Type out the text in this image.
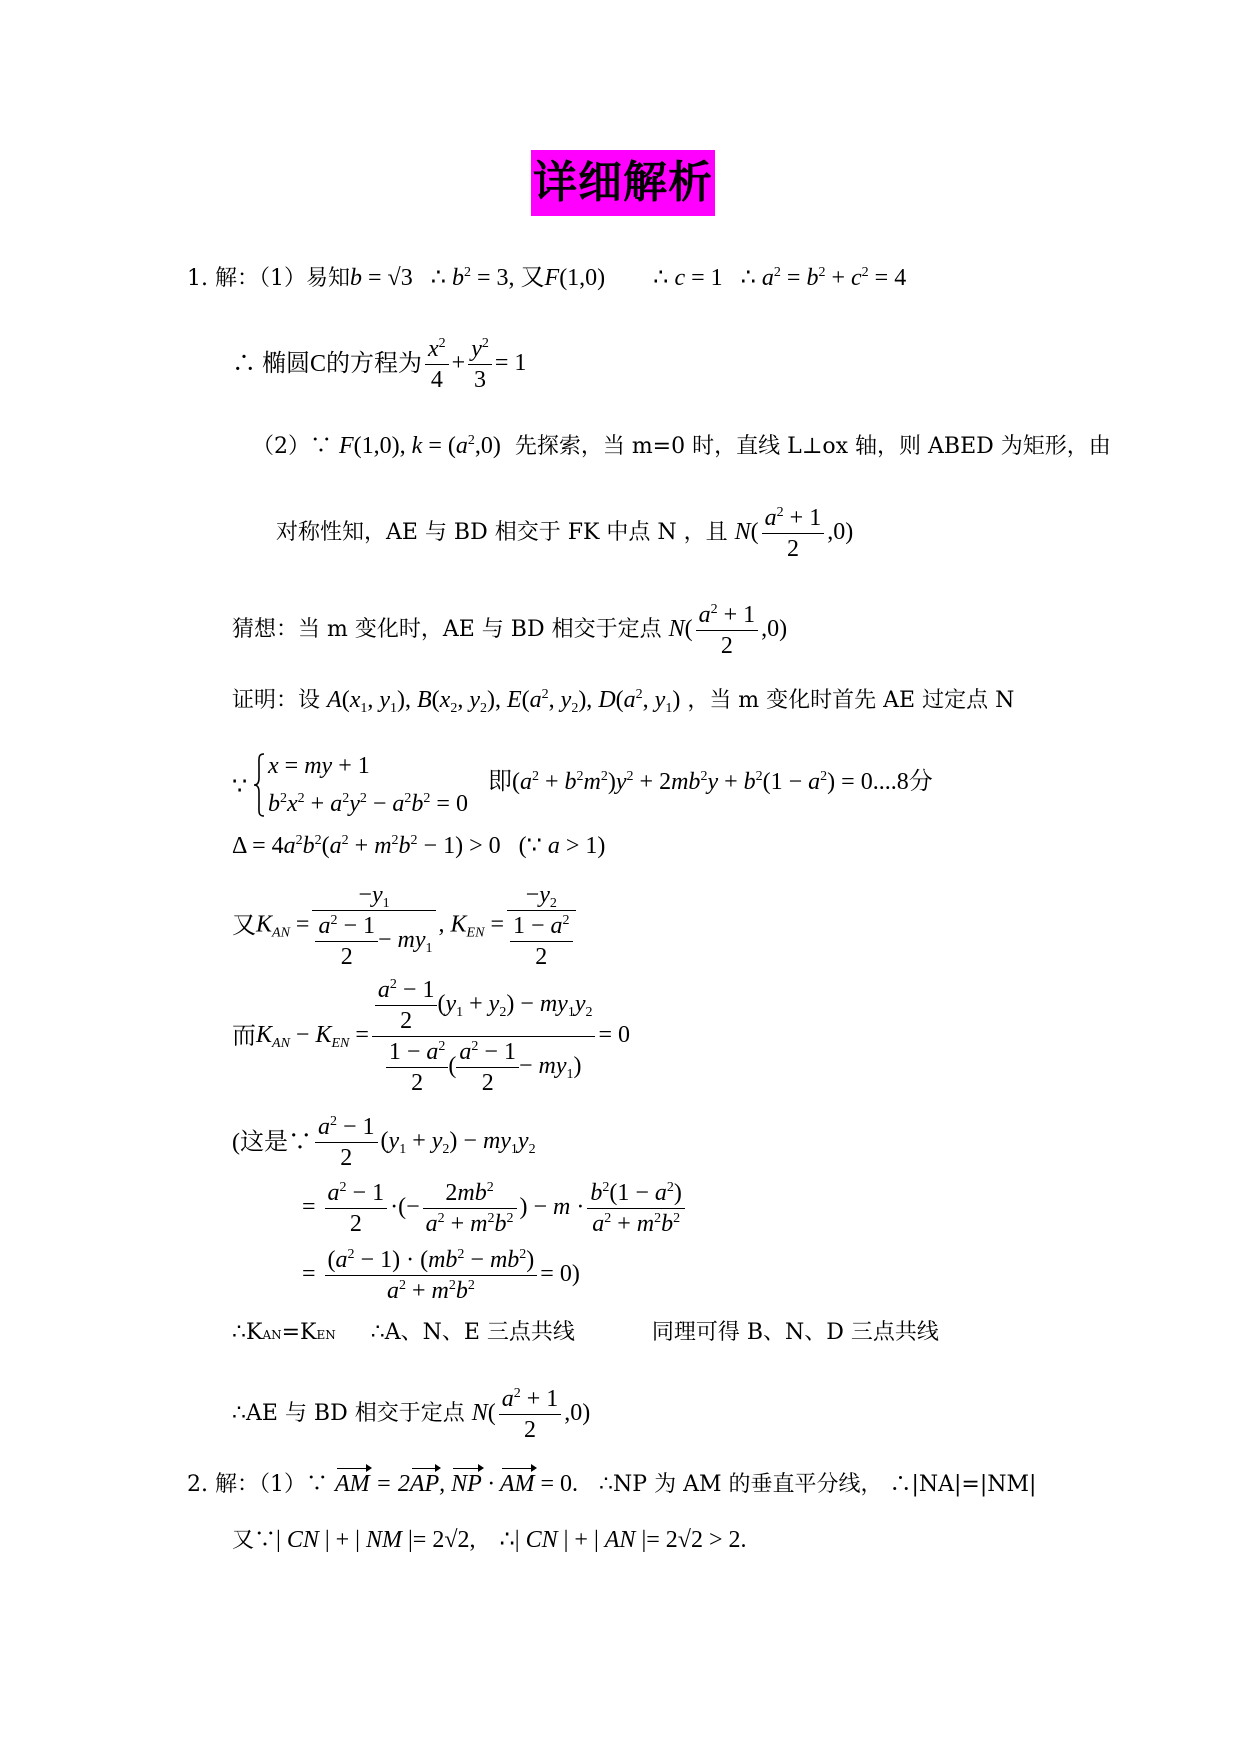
详细解析
1. 解：（1）易知b = √3   ∴ $b^2 = 3$, 又F(1,0)        ∴ c = 1   ∴ $a^2 = b^2 + c^2 = 4$
∴ 椭圆C的方程为 $\frac{x^2}{4} + \frac{y^2}{3} = 1$
（2）∵ F(1,0), $k = (a^2,0)$  先探索，当 m=0 时，直线 L⊥ox 轴，则 ABED 为矩形，由
对称性知，AE 与 BD 相交于 FK 中点 N ，且 $N( \frac{a^2 + 1}{2} ,0)$
猜想：当 m 变化时，AE 与 BD 相交于定点 $N( \frac{a^2 + 1}{2} ,0)$
证明：设 $A(x_1$, $y_1$), $B(x_2$, $y_2$), $E(a^2$, $y_2$), $D(a^2$, $y_1$) ，当 m 变化时首先 AE 过定点 N
∵
x = my + 1
$b^2x^2 + a^2y^2 - a^2b^2 = 0$
即$(a^2 + b^2m^2)y^2 + 2mb^2y + b^2(1 - a^2) = 0....8$分
$\Delta = 4a^2b^2(a^2 + m^2b^2 - 1) > 0$   (∵ a > 1)
又$K_{AN} = \frac{-y_1}{\frac{a^2 - 1}{2} - my_1}$ , $K_{EN} = \frac{-y_2}{\frac{1 - a^2}{2}}$
而$K_{AN} - K_{EN} = \frac{\frac{a^2 - 1}{2} (y_1 + y_2) - my_1y_2}{\frac{1 - a^2}{2} ( \frac{a^2 - 1}{2} - my_1)} = 0$
(这是∵ $\frac{a^2 - 1}{2} (y_1 + y_2) - my_1y_2$
= $\frac{a^2 - 1}{2}$ ·(− $\frac{2mb^2}{a^2 + m^2b^2}$ ) − $m \cdot \frac{b^2(1 - a^2)}{a^2 + m^2b^2}$
= $\frac{(a^2 - 1) \cdot (mb^2 - mb^2)}{a^2 + m^2b^2} = 0$)
∴KAN=KEN     ∴A、N、E 三点共线           同理可得 B、N、D 三点共线
∴AE 与 BD 相交于定点 $N( \frac{a^2 + 1}{2} ,0)$
2. 解：（1）∵ AM = 2AP, NP · AM = 0. ∴NP 为 AM 的垂直平分线， ∴|NA|=|NM|
又∵| CN | + | NM |= 2√2,    ∴| CN | + | AN |= 2√2 > 2.
